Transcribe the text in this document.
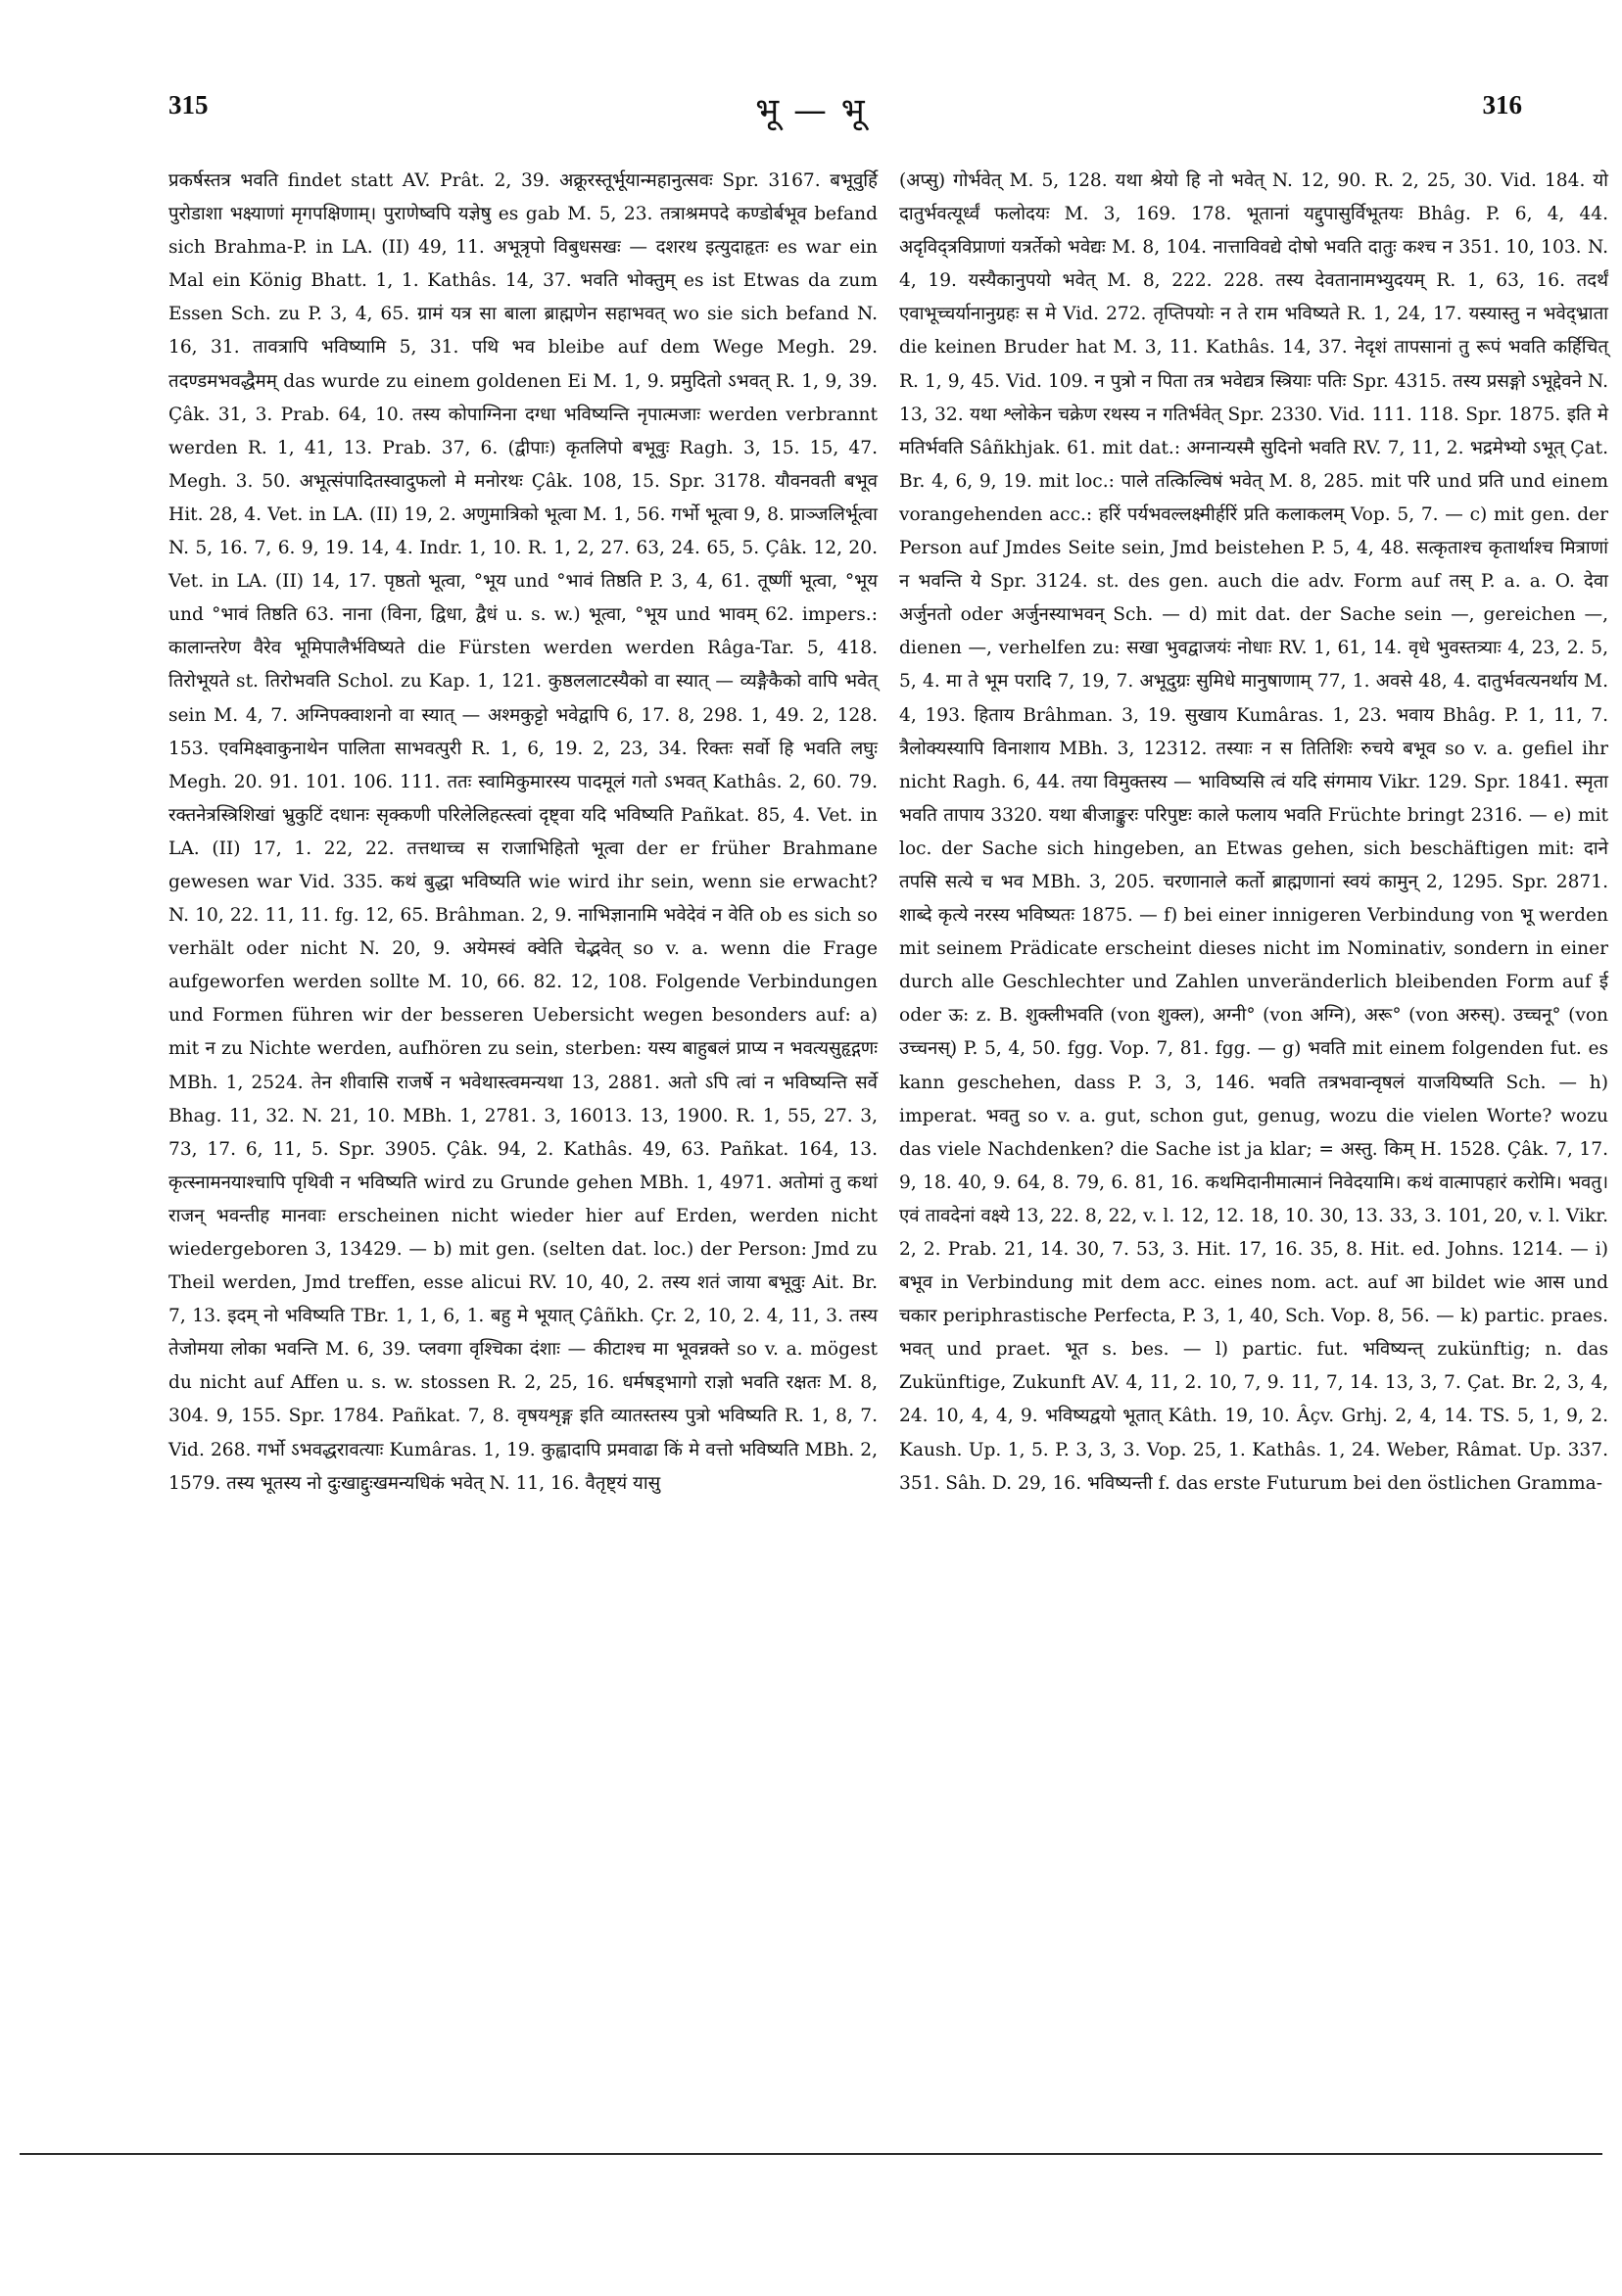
315	भू — भू	316

प्रकर्षस्तत्र भवति findet statt AV. Prât. 2, 39. अक्रूरस्तूर्भूयान्महानुत्सवः Spr. 3167. बभूवुर्हि पुरोडाशा भक्ष्याणां मृगपक्षिणाम्। पुराणेष्वपि यज्ञेषु es gab M. 5, 23. तत्राश्रमपदे कण्डोर्बभूव befand sich Brahma-P. in LA. (II) 49, 11. अभूत्रृपो विबुधसखः — दशरथ इत्युदाहृतः es war ein Mal ein König Bhatt. 1, 1. Kathâs. 14, 37. भवति भोक्तुम् es ist Etwas da zum Essen Sch. zu P. 3, 4, 65. ग्रामं यत्र सा बाला ब्राह्मणेन सहाभवत् wo sie sich befand N. 16, 31. तावत्रापि भविष्यामि 5, 31. पथि भव bleibe auf dem Wege Megh. 29. तदण्डमभवद्धैमम् das wurde zu einem goldenen Ei M. 1, 9. प्रमुदितो ऽभवत् R. 1, 9, 39. Çâk. 31, 3. Prab. 64, 10. तस्य कोपाग्निना दग्धा भविष्यन्ति नृपात्मजाः werden verbrannt werden R. 1, 41, 13. Prab. 37, 6. (द्वीपाः) कृतलिपो बभूवुः Ragh. 3, 15. 15, 47. Megh. 3. 50. अभूत्संपादितस्वादुफलो मे मनोरथः Çâk. 108, 15. Spr. 3178. यौवनवती बभूव Hit. 28, 4. Vet. in LA. (II) 19, 2. अणुमात्रिको भूत्वा M. 1, 56. गर्भो भूत्वा 9, 8. प्राञ्जलिर्भूत्वा N. 5, 16. 7, 6. 9, 19. 14, 4. Indr. 1, 10. R. 1, 2, 27. 63, 24. 65, 5. Çâk. 12, 20. Vet. in LA. (II) 14, 17. पृष्ठतो भूत्वा, °भूय und °भावं तिष्ठति P. 3, 4, 61. तूष्णीं भूत्वा, °भूय und °भावं तिष्ठति 63. नाना (विना, द्विधा, द्वैधं u. s. w.) भूत्वा, °भूय und भावम् 62. impers.: कालान्तरेण वैरेव भूमिपालैर्भविष्यते die Fürsten werden werden Râga-Tar. 5, 418. तिरोभूयते st. तिरोभवति Schol. zu Kap. 1, 121. कुष्ठललाटस्यैको वा स्यात् — व्यङ्गैकैको वापि भवेत् sein M. 4, 7. अग्निपक्वाशनो वा स्यात् — अश्मकुट्टो भवेद्वापि 6, 17. 8, 298. 1, 49. 2, 128. 153. एवमिक्ष्वाकुनाथेन पालिता साभवत्पुरी R. 1, 6, 19. 2, 23, 34. रिक्तः सर्वो हि भवति लघुः Megh. 20. 91. 101. 106. 111. ततः स्वामिकुमारस्य पादमूलं गतो ऽभवत् Kathâs. 2, 60. 79. रक्तनेत्रस्त्रिशिखां भ्रुकुटिं दधानः सृक्कणी परिलेलिहत्स्त्वां दृष्ट्वा यदि भविष्यति Pañkat. 85, 4. Vet. in LA. (II) 17, 1. 22, 22. तत्तथाच्च स राजाभिहितो भूत्वा der er früher Brahmane gewesen war Vid. 335. कथं बुद्धा भविष्यति wie wird ihr sein, wenn sie erwacht? N. 10, 22. 11, 11. fg. 12, 65. Brâhman. 2, 9. नाभिज्ञानामि भवेदेवं न वेति ob es sich so verhält oder nicht N. 20, 9. अयेमस्वं क्वेति चेद्भवेत् so v. a. wenn die Frage aufgeworfen werden sollte M. 10, 66. 82. 12, 108. Folgende Verbindungen und Formen führen wir der besseren Uebersicht wegen besonders auf: a) mit न zu Nichte werden, aufhören zu sein, sterben: यस्य बाहुबलं प्राप्य न भवत्यसुहृद्गणः MBh. 1, 2524. तेन शीवासि राजर्षे न भवेथास्त्वमन्यथा 13, 2881. अतो ऽपि त्वां न भविष्यन्ति सर्वे Bhag. 11, 32. N. 21, 10. MBh. 1, 2781. 3, 16013. 13, 1900. R. 1, 55, 27. 3, 73, 17. 6, 11, 5. Spr. 3905. Çâk. 94, 2. Kathâs. 49, 63. Pañkat. 164, 13. कृत्स्नामनयाश्चापि पृथिवी न भविष्यति wird zu Grunde gehen MBh. 1, 4971. अतोमां तु कथां राजन् भवन्तीह मानवाः erscheinen nicht wieder hier auf Erden, werden nicht wiedergeboren 3, 13429. — b) mit gen. (selten dat. loc.) der Person: Jmd zu Theil werden, Jmd treffen, esse alicui RV. 10, 40, 2. तस्य शतं जाया बभूवुः Ait. Br. 7, 13. इदम् नो भविष्यति TBr. 1, 1, 6, 1. बहु मे भूयात् Çâñkh. Çr. 2, 10, 2. 4, 11, 3. तस्य तेजोमया लोका भवन्ति M. 6, 39. प्लवगा वृश्चिका दंशाः — कीटाश्च मा भूवन्नक्ते so v. a. mögest du nicht auf Affen u. s. w. stossen R. 2, 25, 16. धर्मषड्भागो राज्ञो भवति रक्षतः M. 8, 304. 9, 155. Spr. 1784. Pañkat. 7, 8. वृषयशृङ्ग इति व्यातस्तस्य पुत्रो भविष्यति R. 1, 8, 7. Vid. 268. गर्भो ऽभवद्धरावत्याः Kumâras. 1, 19. कुह्वादापि प्रमवाढा किं मे वत्तो भविष्यति MBh. 2, 1579. तस्य भूतस्य नो दुःखाद्दुःखमन्यधिकं भवेत् N. 11, 16. वैतृष्ट्यं यासु

(अप्सु) गोर्भवेत् M. 5, 128. यथा श्रेयो हि नो भवेत् N. 12, 90. R. 2, 25, 30. Vid. 184. यो दातुर्भवत्यूर्ध्वं फलोदयः M. 3, 169. 178. भूतानां यद्दुपासुर्विभूतयः Bhâg. P. 6, 4, 44. अदृविद्त्रविप्राणां यत्रर्तेको भवेद्यः M. 8, 104. नात्ताविवद्ये दोषो भवति दातुः कश्च न 351. 10, 103. N. 4, 19. यस्यैकानुपयो भवेत् M. 8, 222. 228. तस्य देवतानामभ्युदयम् R. 1, 63, 16. तदर्थं एवाभूच्चर्यानानुग्रहः स मे Vid. 272. तृप्तिपयोः न ते राम भविष्यते R. 1, 24, 17. यस्यास्तु न भवेद्भ्राता die keinen Bruder hat M. 3, 11. Kathâs. 14, 37. नेदृशं तापसानां तु रूपं भवति कर्हिचित् R. 1, 9, 45. Vid. 109. न पुत्रो न पिता तत्र भवेद्यत्र स्त्रियाः पतिः Spr. 4315. तस्य प्रसङ्गो ऽभूद्देवने N. 13, 32. यथा श्लोकेन चक्रेण रथस्य न गतिर्भवेत् Spr. 2330. Vid. 111. 118. Spr. 1875. इति मे मतिर्भवति Sâñkhjak. 61. mit dat.: अग्नान्यस्मै सुदिनो भवति RV. 7, 11, 2. भद्रमेभ्यो ऽभूत् Çat. Br. 4, 6, 9, 19. mit loc.: पाले तत्किल्विषं भवेत् M. 8, 285. mit परि und प्रति und einem vorangehenden acc.: हरिं पर्यभवल्लक्ष्मीर्हरिं प्रति कलाकलम् Vop. 5, 7. — c) mit gen. der Person auf Jmdes Seite sein, Jmd beistehen P. 5, 4, 48. सत्कृताश्च कृतार्थाश्च मित्राणां न भवन्ति ये Spr. 3124. st. des gen. auch die adv. Form auf तस् P. a. a. O. देवा अर्जुनतो oder अर्जुनस्याभवन् Sch. — d) mit dat. der Sache sein —, gereichen —, dienen —, verhelfen zu: सखा भुवद्वाजयंः नोधाः RV. 1, 61, 14. वृधे भुवस्तत्र्याः 4, 23, 2. 5, 5, 4. मा ते भूम परादि 7, 19, 7. अभूदुग्रः सुमिधे मानुषाणाम् 77, 1. अवसे 48, 4. दातुर्भवत्यनर्थाय M. 4, 193. हिताय Brâhman. 3, 19. सुखाय Kumâras. 1, 23. भवाय Bhâg. P. 1, 11, 7. त्रैलोक्यस्यापि विनाशाय MBh. 3, 12312. तस्याः न स तितिशिः रुचये बभूव so v. a. gefiel ihr nicht Ragh. 6, 44. तया विमुक्तस्य — भाविष्यसि त्वं यदि संगमाय Vikr. 129. Spr. 1841. स्मृता भवति तापाय 3320. यथा बीजाङ्कुरः परिपुष्टः काले फलाय भवति Früchte bringt 2316. — e) mit loc. der Sache sich hingeben, an Etwas gehen, sich beschäftigen mit: दाने तपसि सत्ये च भव MBh. 3, 205. चरणानाले कर्तो ब्राह्मणानां स्वयं कामुन् 2, 1295. Spr. 2871. शाब्दे कृत्ये नरस्य भविष्यतः 1875. — f) bei einer innigeren Verbindung von भू werden mit seinem Prädicate erscheint dieses nicht im Nominativ, sondern in einer durch alle Geschlechter und Zahlen unveränderlich bleibenden Form auf ई oder ऊ: z. B. शुक्लीभवति (von शुक्ल), अग्नी° (von अग्नि), अरू° (von अरुस्). उच्चनू° (von उच्चनस्) P. 5, 4, 50. fgg. Vop. 7, 81. fgg. — g) भवति mit einem folgenden fut. es kann geschehen, dass P. 3, 3, 146. भवति तत्रभवान्वृषलं याजयिष्यति Sch. — h) imperat. भवतु so v. a. gut, schon gut, genug, wozu die vielen Worte? wozu das viele Nachdenken? die Sache ist ja klar; = अस्तु. किम् H. 1528. Çâk. 7, 17. 9, 18. 40, 9. 64, 8. 79, 6. 81, 16. कथमिदानीमात्मानं निवेदयामि। कथं वात्मापहारं करोमि। भवतु। एवं तावदेनां वक्ष्ये 13, 22. 8, 22, v. l. 12, 12. 18, 10. 30, 13. 33, 3. 101, 20, v. l. Vikr. 2, 2. Prab. 21, 14. 30, 7. 53, 3. Hit. 17, 16. 35, 8. Hit. ed. Johns. 1214. — i) बभूव in Verbindung mit dem acc. eines nom. act. auf आ bildet wie आस und चकार periphrastische Perfecta, P. 3, 1, 40, Sch. Vop. 8, 56. — k) partic. praes. भवत् und praet. भूत s. bes. — l) partic. fut. भविष्यन्त् zukünftig; n. das Zukünftige, Zukunft AV. 4, 11, 2. 10, 7, 9. 11, 7, 14. 13, 3, 7. Çat. Br. 2, 3, 4, 24. 10, 4, 4, 9. भविष्यद्वयो भूतात् Kâth. 19, 10. Âçv. Grhj. 2, 4, 14. TS. 5, 1, 9, 2. Kaush. Up. 1, 5. P. 3, 3, 3. Vop. 25, 1. Kathâs. 1, 24. Weber, Râmat. Up. 337. 351. Sâh. D. 29, 16. भविष्यन्ती f. das erste Futurum bei den östlichen Gramma-
